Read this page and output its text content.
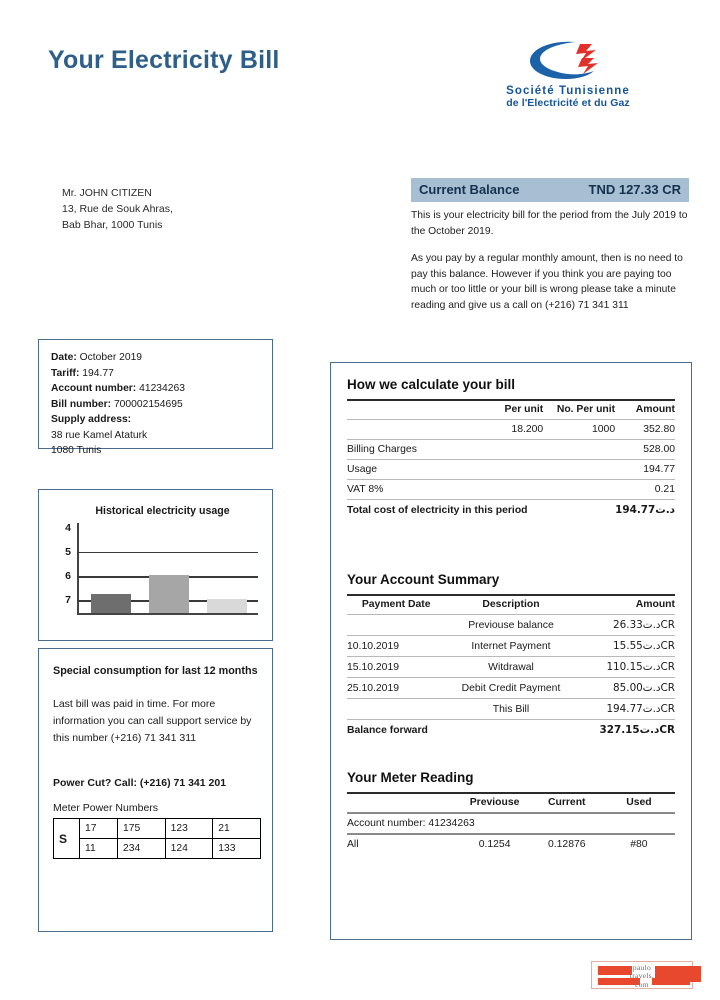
Your Electricity Bill
Société Tunisienne
de l'Electricité et du Gaz
Mr. JOHN CITIZEN
13, Rue de Souk Ahras,
Bab Bhar, 1000 Tunis
Current Balance	TND 127.33 CR
This is your electricity bill for the period from the July 2019 to the October 2019.
As you pay by a regular monthly amount, then is no need to pay this balance. However if you think you are paying too much or too little or your bill is wrong please take a minute reading and give us a call on (+216) 71 341 311
Date: October 2019
Tariff: 194.77
Account number: 41234263
Bill number: 700002154695
Supply address:
38 rue Kamel Ataturk
1080 Tunis
Historical electricity usage
4
5
6
7
Special consumption for last 12 months
Last bill was paid in time. For more information you can call support service by this number (+216) 71 341 311
Power Cut? Call: (+216) 71 341 201
Meter Power Numbers
S	17	175	123	21
	11	234	124	133
How we calculate your bill
	Per unit	No. Per unit	Amount
	18.200	1000	352.80
Billing Charges			528.00
Usage			194.77
VAT 8%			0.21
Total cost of electricity in this period			د.ت194.77
Your Account Summary
Payment Date	Description	Amount
	Previouse balance	د.ت26.33CR
10.10.2019	Internet Payment	د.ت15.55CR
15.10.2019	Witdrawal	د.ت110.15CR
25.10.2019	Debit Credit Payment	د.ت85.00CR
	This Bill	د.ت194.77CR
Balance forward		د.ت327.15CR
Your Meter Reading
	Previouse	Current	Used
Account number: 41234263			
All	0.1254	0.12876	#80
paulo
travels.
com
